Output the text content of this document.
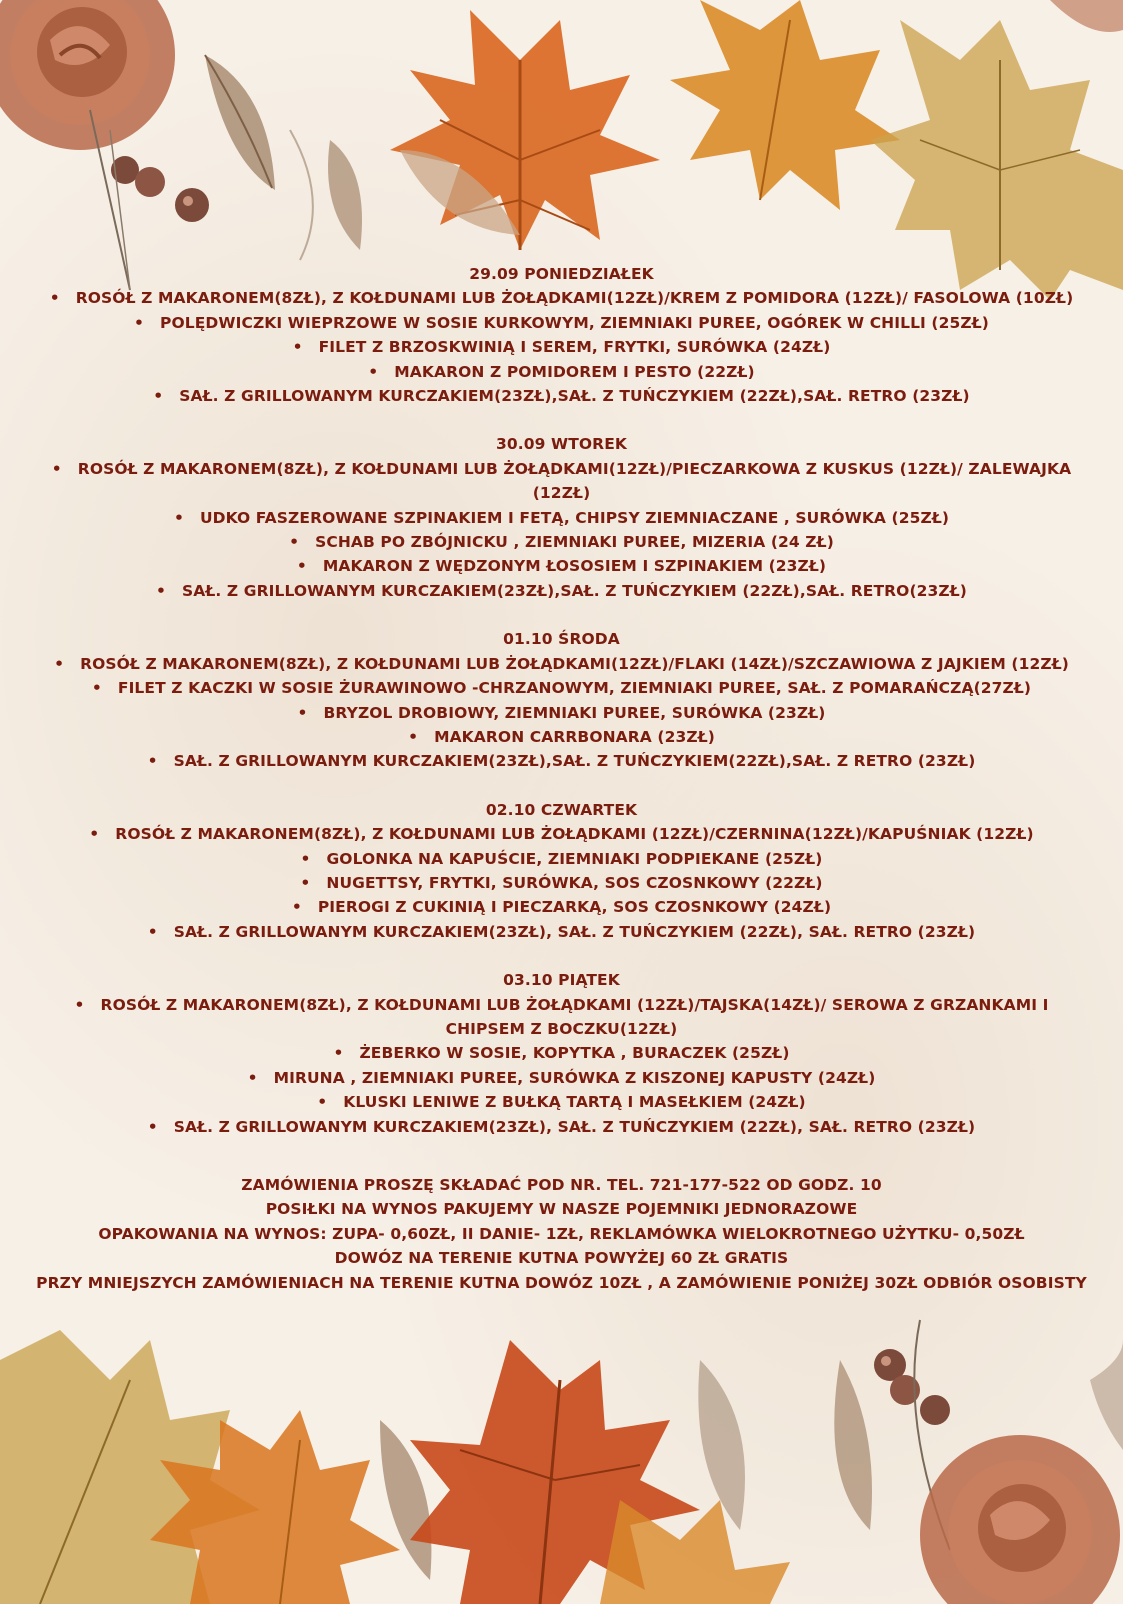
29.09 PONIEDZIAŁEK
• ROSÓŁ Z MAKARONEM(8ZŁ), Z KOŁDUNAMI LUB ŻOŁĄDKAMI(12ZŁ)/KREM Z POMIDORA (12ZŁ)/ FASOLOWA (10ZŁ)
• POLĘDWICZKI WIEPRZOWE W SOSIE KURKOWYM, ZIEMNIAKI PUREE, OGÓREK W CHILLI (25ZŁ)
• FILET Z BRZOSKWINIĄ I SEREM, FRYTKI, SURÓWKA (24ZŁ)
• MAKARON Z POMIDOREM I PESTO (22ZŁ)
• SAŁ. Z GRILLOWANYM KURCZAKIEM(23ZŁ),SAŁ. Z TUŃCZYKIEM (22ZŁ),SAŁ. RETRO (23ZŁ)
30.09 WTOREK
• ROSÓŁ Z MAKARONEM(8ZŁ), Z KOŁDUNAMI LUB ŻOŁĄDKAMI(12ZŁ)/PIECZARKOWA Z KUSKUS (12ZŁ)/ ZALEWAJKA (12ZŁ)
• UDKO FASZEROWANE SZPINAKIEM I FETĄ, CHIPSY ZIEMNIACZANE , SURÓWKA (25ZŁ)
• SCHAB PO ZBÓJNICKU , ZIEMNIAKI PUREE, MIZERIA (24 ZŁ)
• MAKARON Z WĘDZONYM ŁOSOSIEM I SZPINAKIEM (23ZŁ)
• SAŁ. Z GRILLOWANYM KURCZAKIEM(23ZŁ),SAŁ. Z TUŃCZYKIEM (22ZŁ),SAŁ. RETRO(23ZŁ)
01.10 ŚRODA
• ROSÓŁ Z MAKARONEM(8ZŁ), Z KOŁDUNAMI LUB ŻOŁĄDKAMI(12ZŁ)/FLAKI (14ZŁ)/SZCZAWIOWA Z JAJKIEM (12ZŁ)
• FILET Z KACZKI W SOSIE ŻURAWINOWO -CHRZANOWYM, ZIEMNIAKI PUREE, SAŁ. Z POMARAŃCZĄ(27ZŁ)
• BRYZOL DROBIOWY, ZIEMNIAKI PUREE, SURÓWKA (23ZŁ)
• MAKARON CARRBONARA (23ZŁ)
• SAŁ. Z GRILLOWANYM KURCZAKIEM(23ZŁ),SAŁ. Z TUŃCZYKIEM(22ZŁ),SAŁ. Z RETRO (23ZŁ)
02.10 CZWARTEK
• ROSÓŁ Z MAKARONEM(8ZŁ), Z KOŁDUNAMI LUB ŻOŁĄDKAMI (12ZŁ)/CZERNINA(12ZŁ)/KAPUŚNIAK (12ZŁ)
• GOLONKA NA KAPUŚCIE, ZIEMNIAKI PODPIEKANE (25ZŁ)
• NUGETTSY, FRYTKI, SURÓWKA, SOS CZOSNKOWY (22ZŁ)
• PIEROGI Z CUKINIĄ I PIECZARKĄ, SOS CZOSNKOWY (24ZŁ)
• SAŁ. Z GRILLOWANYM KURCZAKIEM(23ZŁ), SAŁ. Z TUŃCZYKIEM (22ZŁ), SAŁ. RETRO (23ZŁ)
03.10 PIĄTEK
• ROSÓŁ Z MAKARONEM(8ZŁ), Z KOŁDUNAMI LUB ŻOŁĄDKAMI (12ZŁ)/TAJSKA(14ZŁ)/ SEROWA Z GRZANKAMI I CHIPSEM Z BOCZKU(12ZŁ)
• ŻEBERKO W SOSIE, KOPYTKA , BURACZEK (25ZŁ)
• MIRUNA , ZIEMNIAKI PUREE, SURÓWKA Z KISZONEJ KAPUSTY (24ZŁ)
• KLUSKI LENIWE Z BUŁKĄ TARTĄ I MASEŁKIEM (24ZŁ)
• SAŁ. Z GRILLOWANYM KURCZAKIEM(23ZŁ), SAŁ. Z TUŃCZYKIEM (22ZŁ), SAŁ. RETRO (23ZŁ)
ZAMÓWIENIA PROSZĘ SKŁADAĆ POD NR. TEL. 721-177-522 OD GODZ. 10
POSIŁKI NA WYNOS PAKUJEMY W NASZE POJEMNIKI JEDNORAZOWE
OPAKOWANIA NA WYNOS: ZUPA- 0,60ZŁ, II DANIE- 1ZŁ, REKLAMÓWKA WIELOKROTNEGO UŻYTKU- 0,50ZŁ
DOWÓZ NA TERENIE KUTNA POWYŻEJ 60 ZŁ GRATIS
PRZY MNIEJSZYCH ZAMÓWIENIACH NA TERENIE KUTNA DOWÓZ 10ZŁ , A ZAMÓWIENIE PONIŻEJ 30ZŁ ODBIÓR OSOBISTY
